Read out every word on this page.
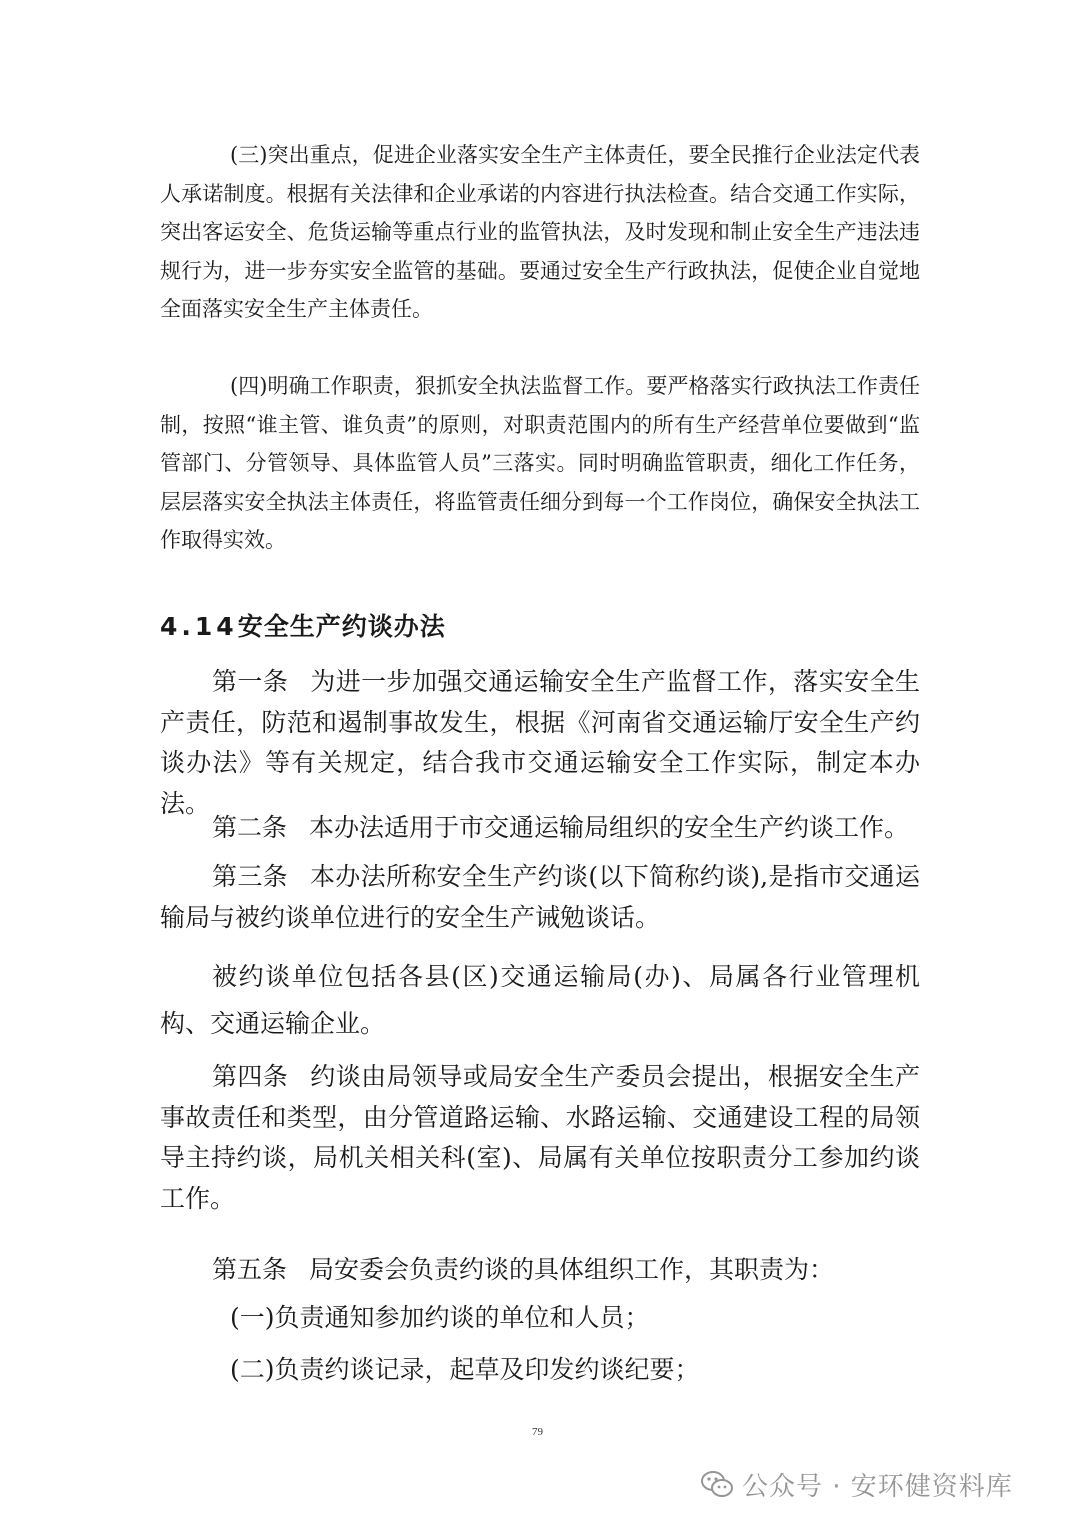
(三)突出重点，促进企业落实安全生产主体责任，要全民推行企业法定代表人承诺制度。根据有关法律和企业承诺的内容进行执法检查。结合交通工作实际，突出客运安全、危货运输等重点行业的监管执法，及时发现和制止安全生产违法违规行为，进一步夯实安全监管的基础。要通过安全生产行政执法，促使企业自觉地全面落实安全生产主体责任。

(四)明确工作职责，狠抓安全执法监督工作。要严格落实行政执法工作责任制，按照“谁主管、谁负责”的原则，对职责范围内的所有生产经营单位要做到“监管部门、分管领导、具体监管人员”三落实。同时明确监管职责，细化工作任务，层层落实安全执法主体责任，将监管责任细分到每一个工作岗位，确保安全执法工作取得实效。

4.14安全生产约谈办法

第一条 为进一步加强交通运输安全生产监督工作，落实安全生产责任，防范和遏制事故发生，根据《河南省交通运输厅安全生产约谈办法》等有关规定，结合我市交通运输安全工作实际，制定本办法。

第二条 本办法适用于市交通运输局组织的安全生产约谈工作。

第三条 本办法所称安全生产约谈(以下简称约谈),是指市交通运输局与被约谈单位进行的安全生产诫勉谈话。

被约谈单位包括各县(区)交通运输局(办)、局属各行业管理机构、交通运输企业。

第四条 约谈由局领导或局安全生产委员会提出，根据安全生产事故责任和类型，由分管道路运输、水路运输、交通建设工程的局领导主持约谈，局机关相关科(室)、局属有关单位按职责分工参加约谈工作。

第五条 局安委会负责约谈的具体组织工作，其职责为：

(一)负责通知参加约谈的单位和人员；

(二)负责约谈记录，起草及印发约谈纪要；

79
公众号 · 安环健资料库
